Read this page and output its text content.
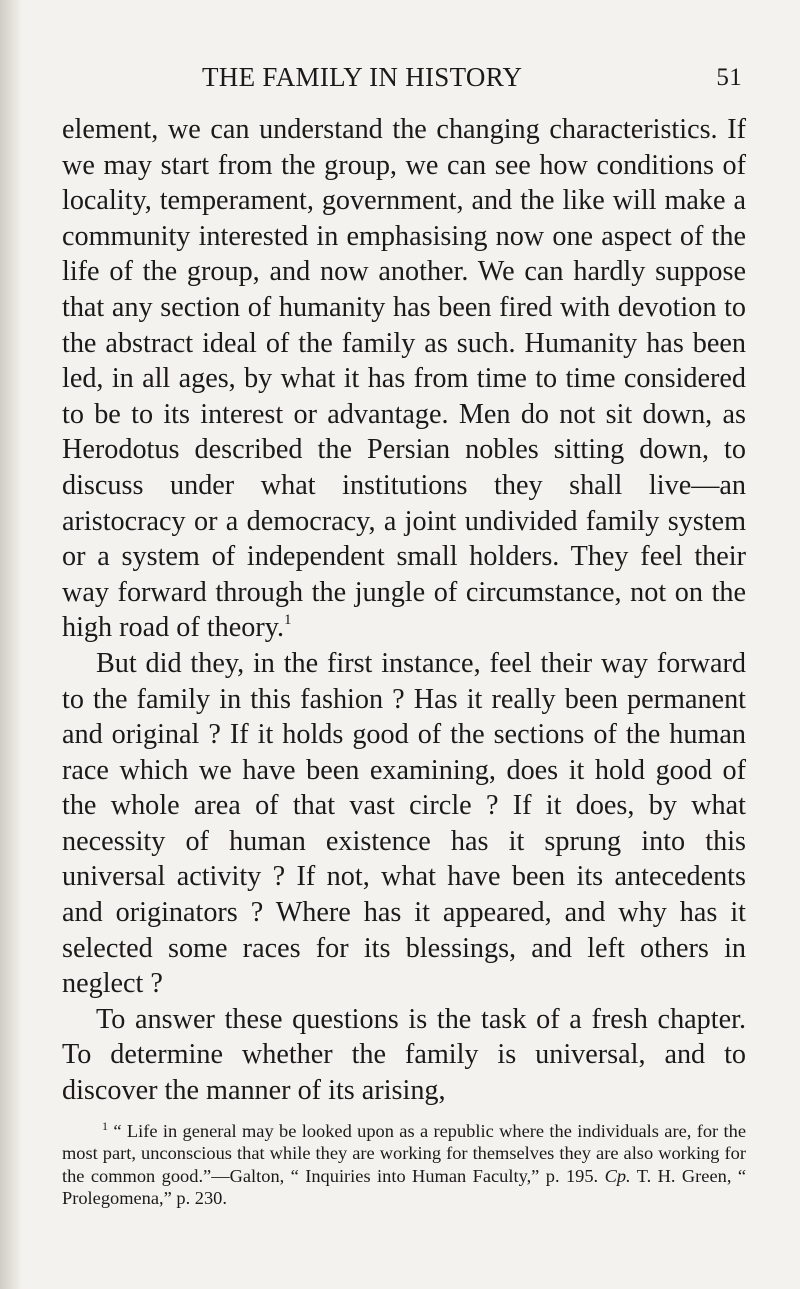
THE FAMILY IN HISTORY	51

element, we can understand the changing characteristics. If we may start from the group, we can see how conditions of locality, temperament, government, and the like will make a community interested in emphasising now one aspect of the life of the group, and now another. We can hardly suppose that any section of humanity has been fired with devotion to the abstract ideal of the family as such. Humanity has been led, in all ages, by what it has from time to time considered to be to its interest or advantage. Men do not sit down, as Herodotus described the Persian nobles sitting down, to discuss under what institutions they shall live—an aristocracy or a democracy, a joint undivided family system or a system of independent small holders. They feel their way forward through the jungle of circumstance, not on the high road of theory.$^1$

But did they, in the first instance, feel their way forward to the family in this fashion ? Has it really been permanent and original ? If it holds good of the sections of the human race which we have been examining, does it hold good of the whole area of that vast circle ? If it does, by what necessity of human existence has it sprung into this universal activity ? If not, what have been its antecedents and originators ? Where has it appeared, and why has it selected some races for its blessings, and left others in neglect ?

To answer these questions is the task of a fresh chapter. To determine whether the family is universal, and to discover the manner of its arising,

$^1$ “ Life in general may be looked upon as a republic where the individuals are, for the most part, unconscious that while they are working for themselves they are also working for the common good.”—Galton, “ Inquiries into Human Faculty,” p. 195. Cp. T. H. Green, “ Prolegomena,” p. 230.
